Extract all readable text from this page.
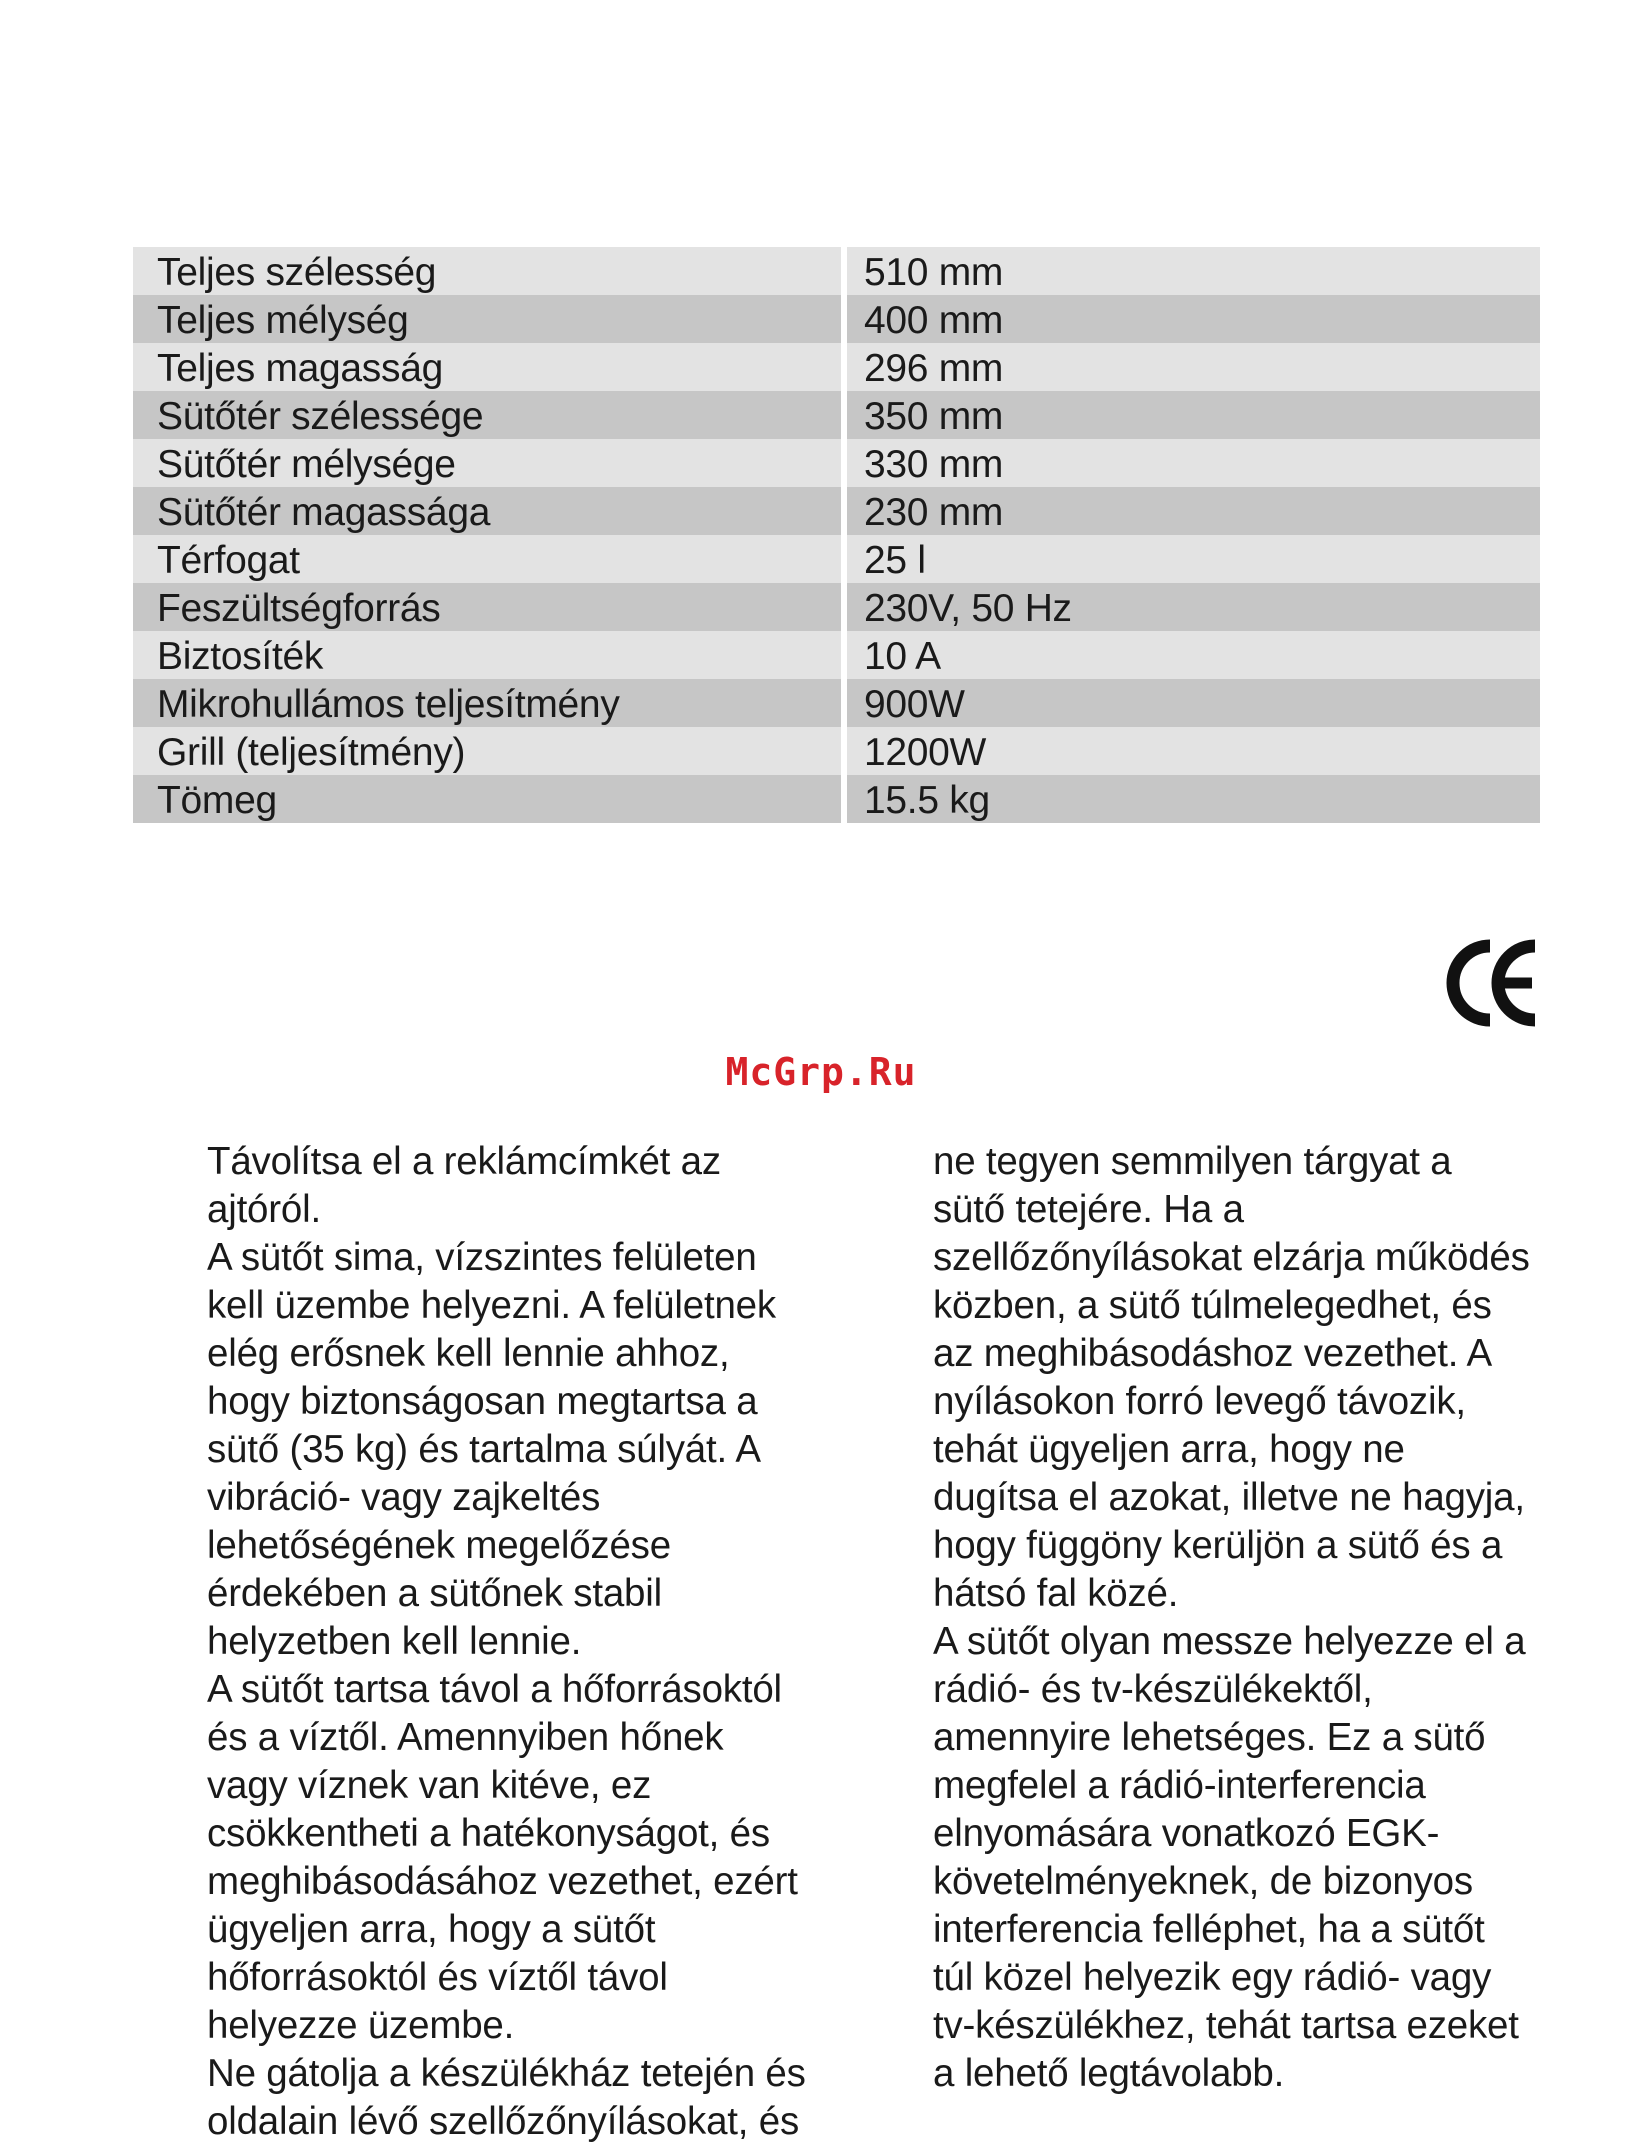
Teljes szélesség	510 mm
Teljes mélység	400 mm
Teljes magasság	296 mm
Sütőtér szélessége	350 mm
Sütőtér mélysége	330 mm
Sütőtér magassága	230 mm
Térfogat	25 l
Feszültségforrás	230V, 50 Hz
Biztosíték	10 A
Mikrohullámos teljesítmény	900W
Grill (teljesítmény)	1200W
Tömeg	15.5 kg
McGrp.Ru
Távolítsa el a reklámcímkét az
ajtóról.
A sütőt sima, vízszintes felületen
kell üzembe helyezni. A felületnek
elég erősnek kell lennie ahhoz,
hogy biztonságosan megtartsa a
sütő (35 kg) és tartalma súlyát. A
vibráció- vagy zajkeltés
lehetőségének megelőzése
érdekében a sütőnek stabil
helyzetben kell lennie.
A sütőt tartsa távol a hőforrásoktól
és a víztől. Amennyiben hőnek
vagy víznek van kitéve, ez
csökkentheti a hatékonyságot, és
meghibásodásához vezethet, ezért
ügyeljen arra, hogy a sütőt
hőforrásoktól és víztől távol
helyezze üzembe.
Ne gátolja a készülékház tetején és
oldalain lévő szellőzőnyílásokat, és
ne tegyen semmilyen tárgyat a
sütő tetejére. Ha a
szellőzőnyílásokat elzárja működés
közben, a sütő túlmelegedhet, és
az meghibásodáshoz vezethet. A
nyílásokon forró levegő távozik,
tehát ügyeljen arra, hogy ne
dugítsa el azokat, illetve ne hagyja,
hogy függöny kerüljön a sütő és a
hátsó fal közé.
A sütőt olyan messze helyezze el a
rádió- és tv-készülékektől,
amennyire lehetséges. Ez a sütő
megfelel a rádió-interferencia
elnyomására vonatkozó EGK-
követelményeknek, de bizonyos
interferencia felléphet, ha a sütőt
túl közel helyezik egy rádió- vagy
tv-készülékhez, tehát tartsa ezeket
a lehető legtávolabb.
